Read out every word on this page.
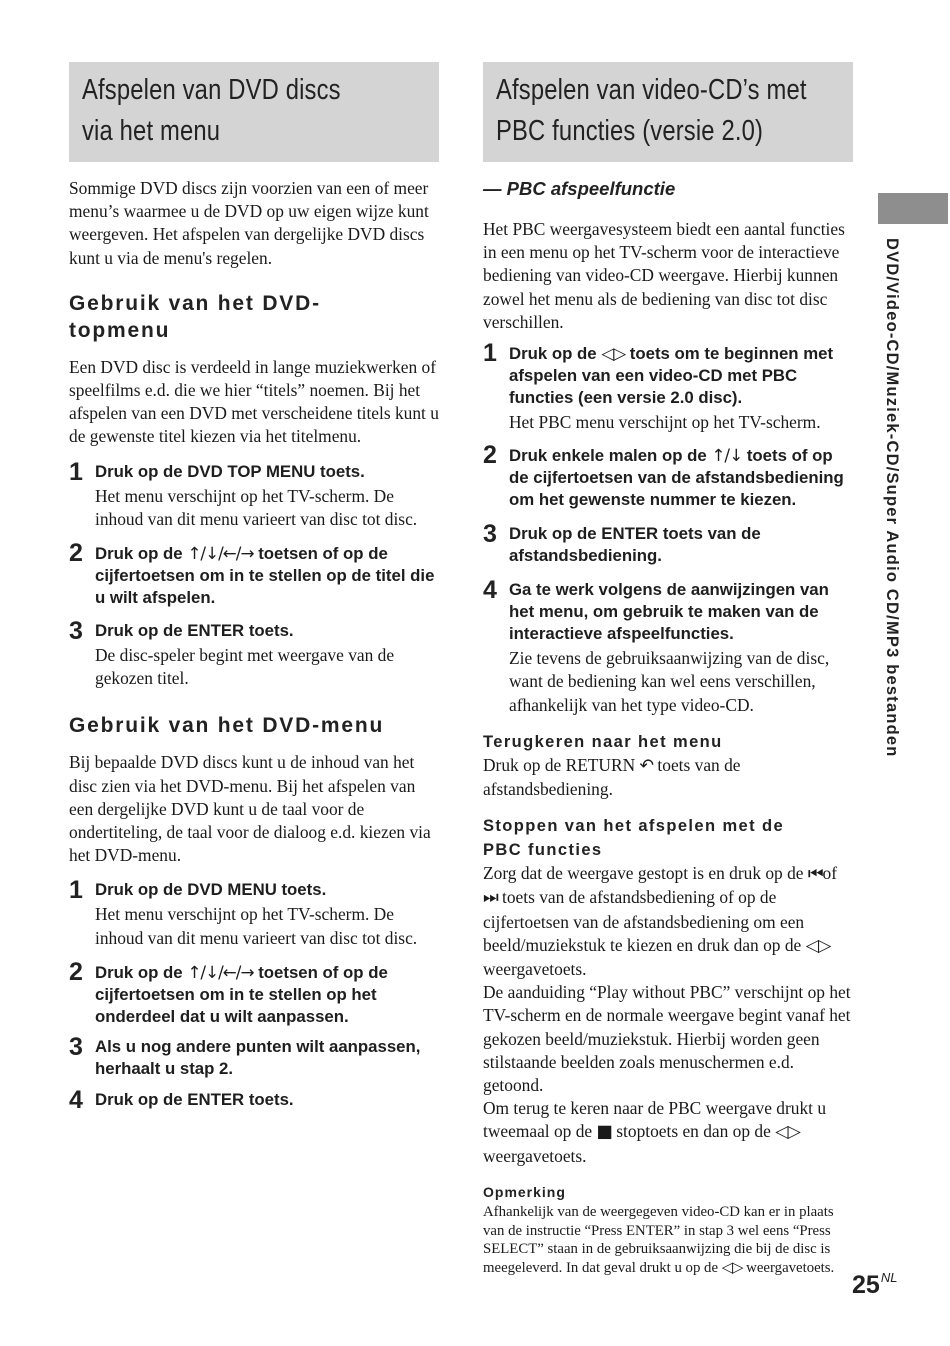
Afspelen van DVD discs
via het menu

Sommige DVD discs zijn voorzien van een of meer menu’s waarmee u de DVD op uw eigen wijze kunt weergeven. Het afspelen van dergelijke DVD discs kunt u via de menu's regelen.

Gebruik van het DVD-
topmenu

Een DVD disc is verdeeld in lange muziekwerken of speelfilms e.d. die we hier “titels” noemen. Bij het afspelen van een DVD met verscheidene titels kunt u de gewenste titel kiezen via het titelmenu.

1 Druk op de DVD TOP MENU toets.

Het menu verschijnt op het TV-scherm. De inhoud van dit menu varieert van disc tot disc.

2 Druk op de ↑/↓/←/→ toetsen of op de cijfertoetsen om in te stellen op de titel die u wilt afspelen.

3 Druk op de ENTER toets.

De disc-speler begint met weergave van de gekozen titel.

Gebruik van het DVD-menu

Bij bepaalde DVD discs kunt u de inhoud van het disc zien via het DVD-menu. Bij het afspelen van een dergelijke DVD kunt u de taal voor de ondertiteling, de taal voor de dialoog e.d. kiezen via het DVD-menu.

1 Druk op de DVD MENU toets.

Het menu verschijnt op het TV-scherm. De inhoud van dit menu varieert van disc tot disc.

2 Druk op de ↑/↓/←/→ toetsen of op de cijfertoetsen om in te stellen op het onderdeel dat u wilt aanpassen.

3 Als u nog andere punten wilt aanpassen, herhaalt u stap 2.

4 Druk op de ENTER toets.

Afspelen van video-CD’s met
PBC functies (versie 2.0)

— PBC afspeelfunctie

Het PBC weergavesysteem biedt een aantal functies in een menu op het TV-scherm voor de interactieve bediening van video-CD weergave. Hierbij kunnen zowel het menu als de bediening van disc tot disc verschillen.

1 Druk op de ◁▷ toets om te beginnen met afspelen van een video-CD met PBC functies (een versie 2.0 disc).

Het PBC menu verschijnt op het TV-scherm.

2 Druk enkele malen op de ↑/↓ toets of op de cijfertoetsen van de afstandsbediening om het gewenste nummer te kiezen.

3 Druk op de ENTER toets van de afstandsbediening.

4 Ga te werk volgens de aanwijzingen van het menu, om gebruik te maken van de interactieve afspeelfuncties.

Zie tevens de gebruiksaanwijzing van de disc, want de bediening kan wel eens verschillen, afhankelijk van het type video-CD.

Terugkeren naar het menu

Druk op de RETURN ↶ toets van de afstandsbediening.

Stoppen van het afspelen met de
PBC functies

Zorg dat de weergave gestopt is en druk op de ⏮of ⏭ toets van de afstandsbediening of op de cijfertoetsen van de afstandsbediening om een beeld/muziekstuk te kiezen en druk dan op de ◁▷ weergavetoets.

De aanduiding “Play without PBC” verschijnt op het TV-scherm en de normale weergave begint vanaf het gekozen beeld/muziekstuk. Hierbij worden geen stilstaande beelden zoals menuschermen e.d. getoond.

Om terug te keren naar de PBC weergave drukt u tweemaal op de ■ stoptoets en dan op de ◁▷ weergavetoets.

Opmerking

Afhankelijk van de weergegeven video-CD kan er in plaats van de instructie “Press ENTER” in stap 3 wel eens “Press SELECT” staan in de gebruiksaanwijzing die bij de disc is meegeleverd. In dat geval drukt u op de ◁▷ weergavetoets.

DVD/Video-CD/Muziek-CD/Super Audio CD/MP3 bestanden
$25^{NL}$
